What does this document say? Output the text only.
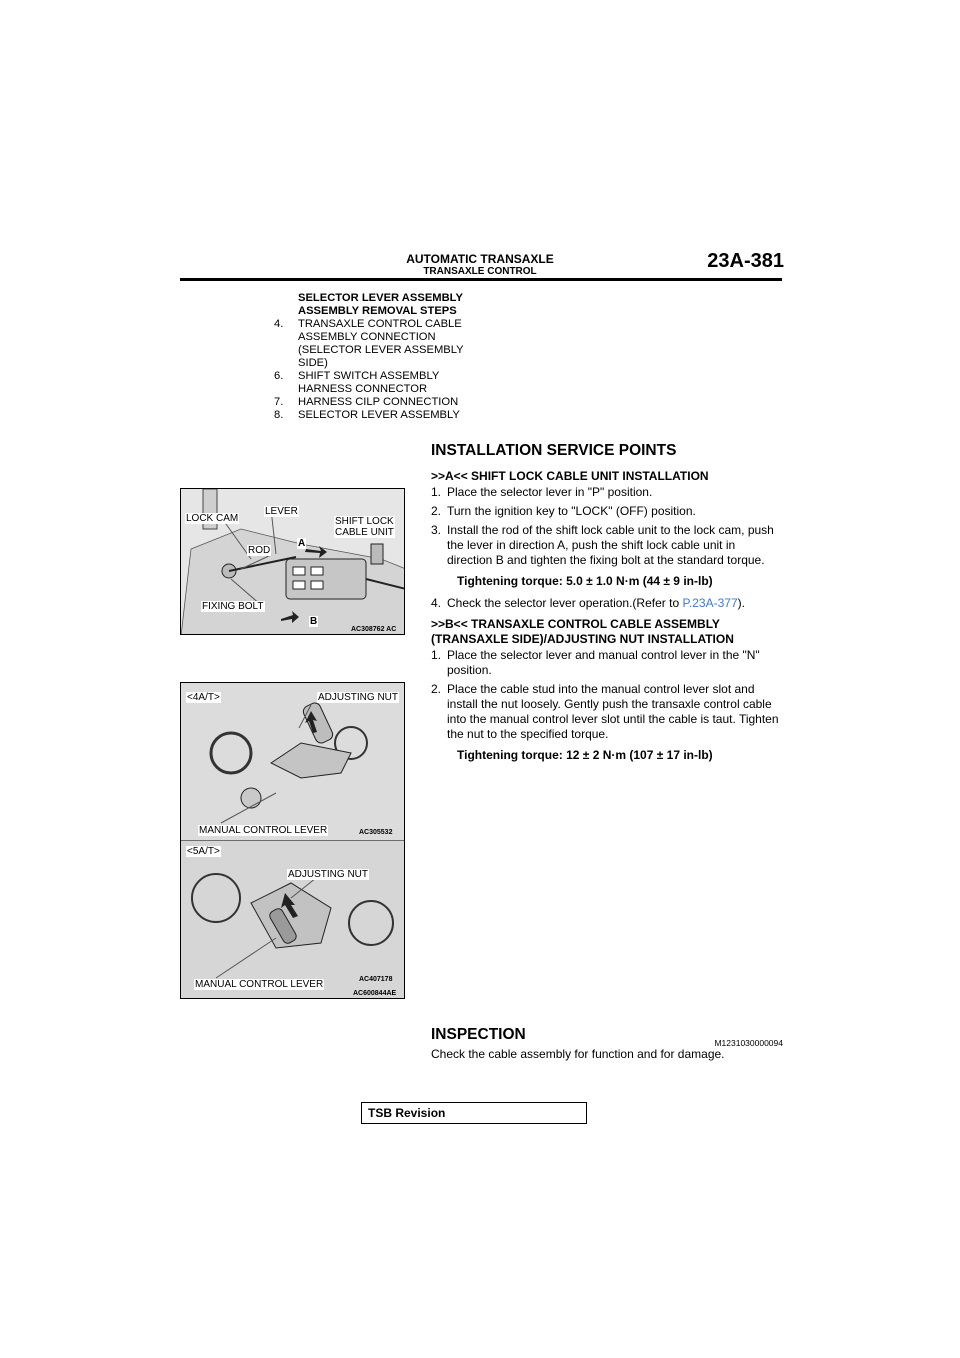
AUTOMATIC TRANSAXLE
TRANSAXLE CONTROL	23A-381
SELECTOR LEVER ASSEMBLY
ASSEMBLY REMOVAL STEPS
4.	TRANSAXLE CONTROL CABLE
ASSEMBLY CONNECTION
(SELECTOR LEVER ASSEMBLY
SIDE)
6.	SHIFT SWITCH ASSEMBLY
HARNESS CONNECTOR
7.	HARNESS CILP CONNECTION
8.	SELECTOR LEVER ASSEMBLY
INSTALLATION SERVICE POINTS
>>A<< SHIFT LOCK CABLE UNIT INSTALLATION
1. Place the selector lever in "P" position.
2. Turn the ignition key to "LOCK" (OFF) position.
3. Install the rod of the shift lock cable unit to the lock cam, push the lever in direction A, push the shift lock cable unit in direction B and tighten the fixing bolt at the standard torque.
Tightening torque: 5.0 ± 1.0 N·m (44 ± 9 in-lb)
4. Check the selector lever operation.(Refer to P.23A-377).
>>B<< TRANSAXLE CONTROL CABLE ASSEMBLY
(TRANSAXLE SIDE)/ADJUSTING NUT INSTALLATION
1. Place the selector lever and manual control lever in the "N" position.
2. Place the cable stud into the manual control lever slot and install the nut loosely. Gently push the transaxle control cable into the manual control lever slot until the cable is taut. Tighten the nut to the specified torque.
Tightening torque: 12 ± 2 N·m (107 ± 17 in-lb)
LOCK CAM
LEVER
SHIFT LOCK
CABLE UNIT
ROD
A
B
FIXING BOLT
AC308762 AC
<4A/T>	ADJUSTING NUT
MANUAL CONTROL LEVER	AC305532
<5A/T>
ADJUSTING NUT
MANUAL CONTROL LEVER	AC407178
AC600844AE
INSPECTION	M1231030000094
Check the cable assembly for function and for damage.
TSB Revision
